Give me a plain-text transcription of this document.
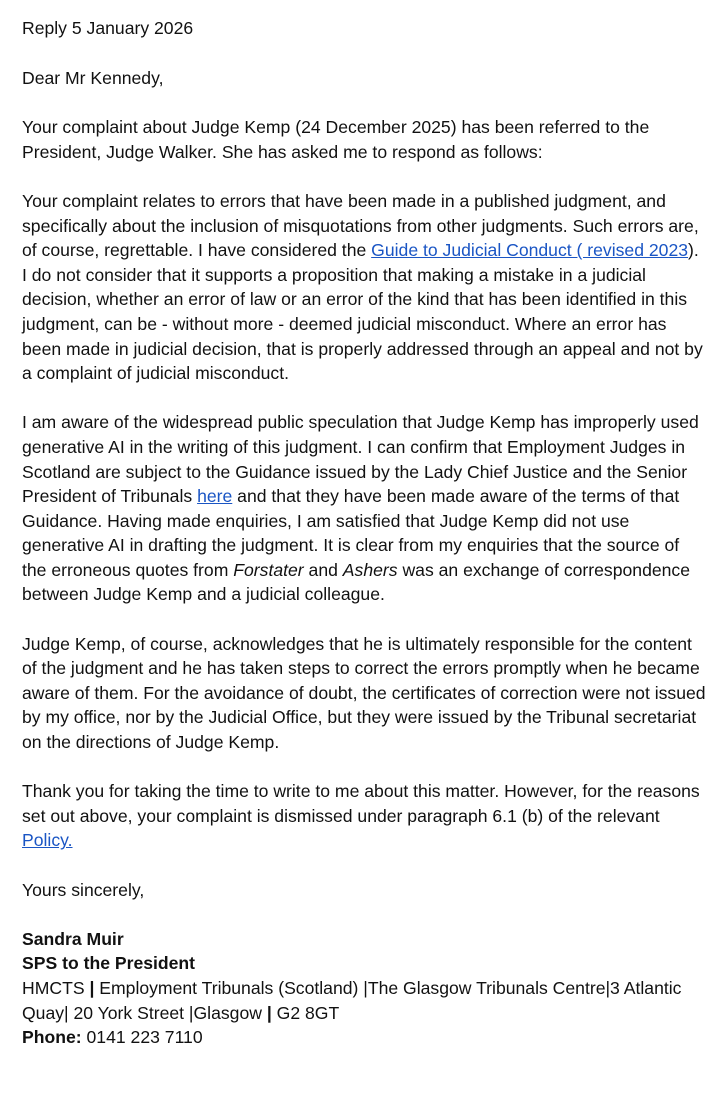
Reply 5 January 2026

Dear Mr Kennedy,

Your complaint about Judge Kemp (24 December 2025) has been referred to the President, Judge Walker. She has asked me to respond as follows:

Your complaint relates to errors that have been made in a published judgment, and specifically about the inclusion of misquotations from other judgments. Such errors are, of course, regrettable. I have considered the Guide to Judicial Conduct ( revised 2023). I do not consider that it supports a proposition that making a mistake in a judicial decision, whether an error of law or an error of the kind that has been identified in this judgment, can be - without more - deemed judicial misconduct. Where an error has been made in judicial decision, that is properly addressed through an appeal and not by a complaint of judicial misconduct.

I am aware of the widespread public speculation that Judge Kemp has improperly used generative AI in the writing of this judgment. I can confirm that Employment Judges in Scotland are subject to the Guidance issued by the Lady Chief Justice and the Senior President of Tribunals here and that they have been made aware of the terms of that Guidance. Having made enquiries, I am satisfied that Judge Kemp did not use generative AI in drafting the judgment. It is clear from my enquiries that the source of the erroneous quotes from Forstater and Ashers was an exchange of correspondence between Judge Kemp and a judicial colleague.

Judge Kemp, of course, acknowledges that he is ultimately responsible for the content of the judgment and he has taken steps to correct the errors promptly when he became aware of them. For the avoidance of doubt, the certificates of correction were not issued by my office, nor by the Judicial Office, but they were issued by the Tribunal secretariat on the directions of Judge Kemp.

Thank you for taking the time to write to me about this matter. However, for the reasons set out above, your complaint is dismissed under paragraph 6.1 (b) of the relevant Policy.

Yours sincerely,

Sandra Muir

SPS to the President

HMCTS | Employment Tribunals (Scotland) |The Glasgow Tribunals Centre|3 Atlantic Quay| 20 York Street |Glasgow | G2 8GT

Phone: 0141 223 7110
